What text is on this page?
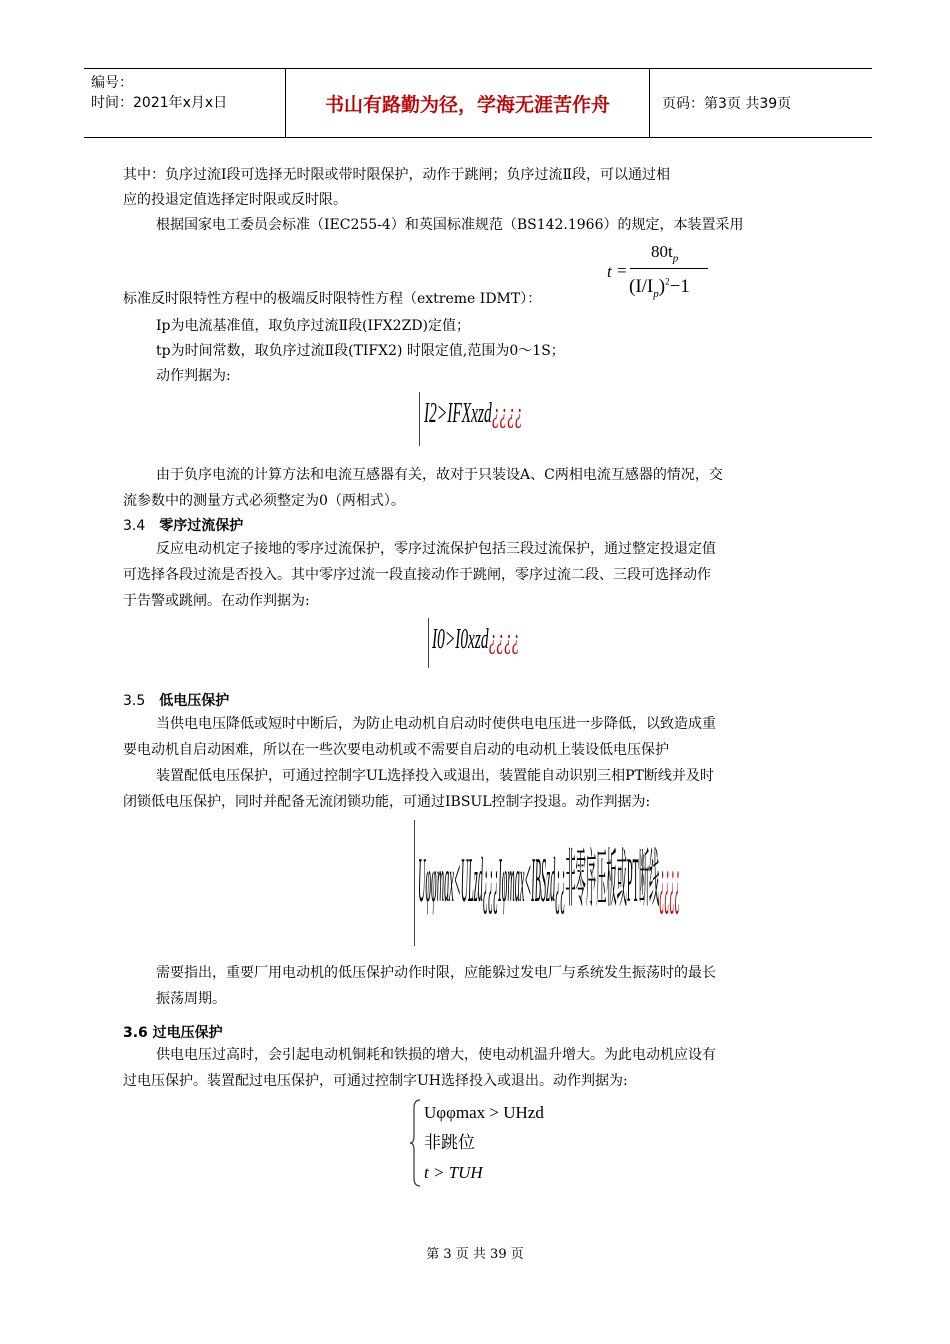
编号：
时间：2021年x月x日	书山有路勤为径，学海无涯苦作舟	页码：第3页 共39页
其中：负序过流Ⅰ段可选择无时限或带时限保护，动作于跳闸；负序过流Ⅱ段，可以通过相
应的投退定值选择定时限或反时限。
根据国家电工委员会标准（IEC255-4）和英国标准规范（BS142.1966）的规定，本装置采用
t =
$80t_p$
$(I/I_p)^2-1$
标准反时限特性方程中的极端反时限特性方程（extreme IDMT）：
Ip为电流基准值，取负序过流Ⅱ段(IFX2ZD)定值；
tp为时间常数，取负序过流Ⅱ段(TIFX2) 时限定值,范围为0～1S；
动作判据为:
I2>IFXxzd¿¿¿¿
由于负序电流的计算方法和电流互感器有关，故对于只装设A、C两相电流互感器的情况，交
流参数中的测量方式必须整定为0（两相式）。
3.4 零序过流保护
反应电动机定子接地的零序过流保护，零序过流保护包括三段过流保护，通过整定投退定值
可选择各段过流是否投入。其中零序过流一段直接动作于跳闸，零序过流二段、三段可选择动作
于告警或跳闸。在动作判据为:
I0>I0xzd¿¿¿¿
3.5 低电压保护
当供电电压降低或短时中断后，为防止电动机自启动时使供电电压进一步降低，以致造成重
要电动机自启动困难，所以在一些次要电动机或不需要自启动的电动机上装设低电压保护
装置配低电压保护，可通过控制字UL选择投入或退出，装置能自动识别三相PT断线并及时
闭锁低电压保护，同时并配备无流闭锁功能，可通过IBSUL控制字投退。动作判据为:
Uφφmax<ULzd¿¿¿Iφmax<IBSzd¿¿非零序压板或PT断线¿¿¿¿
需要指出，重要厂用电动机的低压保护动作时限，应能躲过发电厂与系统发生振荡时的最长
振荡周期。
3.6 过电压保护
供电电压过高时，会引起电动机铜耗和铁损的增大，使电动机温升增大。为此电动机应设有
过电压保护。装置配过电压保护，可通过控制字UH选择投入或退出。动作判据为:
Uφφmax > UHzd
非跳位
t > TUH
第 3 页 共 39 页
